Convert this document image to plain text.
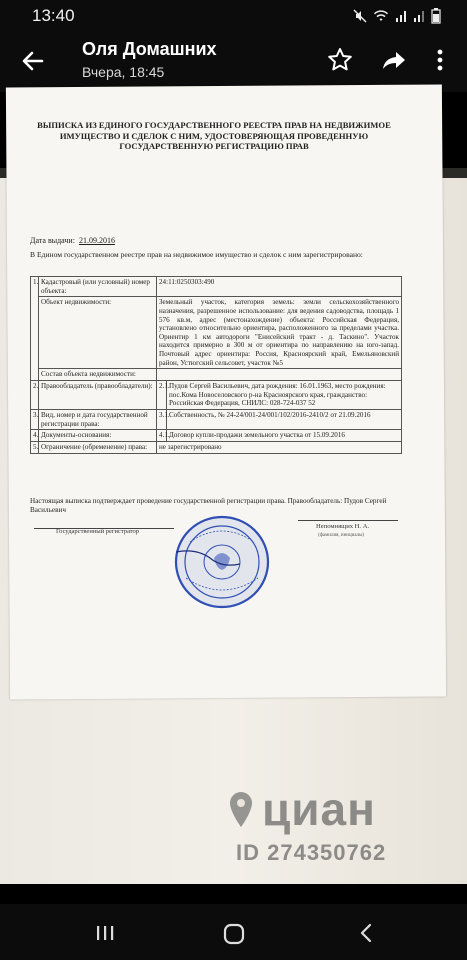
13:40
Оля Домашних
Вчера, 18:45
ВЫПИСКА ИЗ ЕДИНОГО ГОСУДАРСТВЕННОГО РЕЕСТРА ПРАВ НА НЕДВИЖИМОЕ
ИМУЩЕСТВО И СДЕЛОК С НИМ, УДОСТОВЕРЯЮЩАЯ ПРОВЕДЕННУЮ
ГОСУДАРСТВЕННУЮ РЕГИСТРАЦИЮ ПРАВ
Дата выдачи: 21.09.2016
В Едином государственном реестре прав на недвижимое имущество и сделок с ним зарегистрировано:
1.	Кадастровый (или условный) номер объекта:	24:11:0250303:490	
	Объект недвижимости:	Земельный участок, категория земель: земли сельскохозяйственного назначения, разрешенное использование: для ведения садоводства, площадь 1 576 кв.м, адрес (местонахождение) объекта: Российская Федерация, установлено относительно ориентира, расположенного за пределами участка. Ориентир 1 км автодороги "Енисейский тракт - д. Таскино". Участок находится примерно в 300 м от ориентира по направлению на юго-запад. Почтовый адрес ориентира: Россия, Красноярский край, Емельяновский район, Устюгский сельсовет, участок №5	
	Состав объекта недвижимости:		
2.	Правообладатель (правообладатели):	2.1.	Пудов Сергей Васильевич, дата рождения: 16.01.1963, место рождения: пос.Кома Новоселовского р-на Красноярского края, гражданство: Российская Федерация, СНИЛС: 028-724-037 52
3.	Вид, номер и дата государственной регистрации права:	3.1.	Собственность, № 24-24/001-24/001/102/2016-2410/2 от 21.09.2016
4.	Документы-основания:	4.1.	Договор купли-продажи земельного участка от 15.09.2016
5.	Ограничение (обременение) права:	не зарегистрировано	
Настоящая выписка подтверждает проведение государственной регистрации права. Правообладатель: Пудов Сергей Васильевич
Государственный регистратор
Непомнящих Н. А.
(фамилия, инициалы)
циан
ID 274350762
